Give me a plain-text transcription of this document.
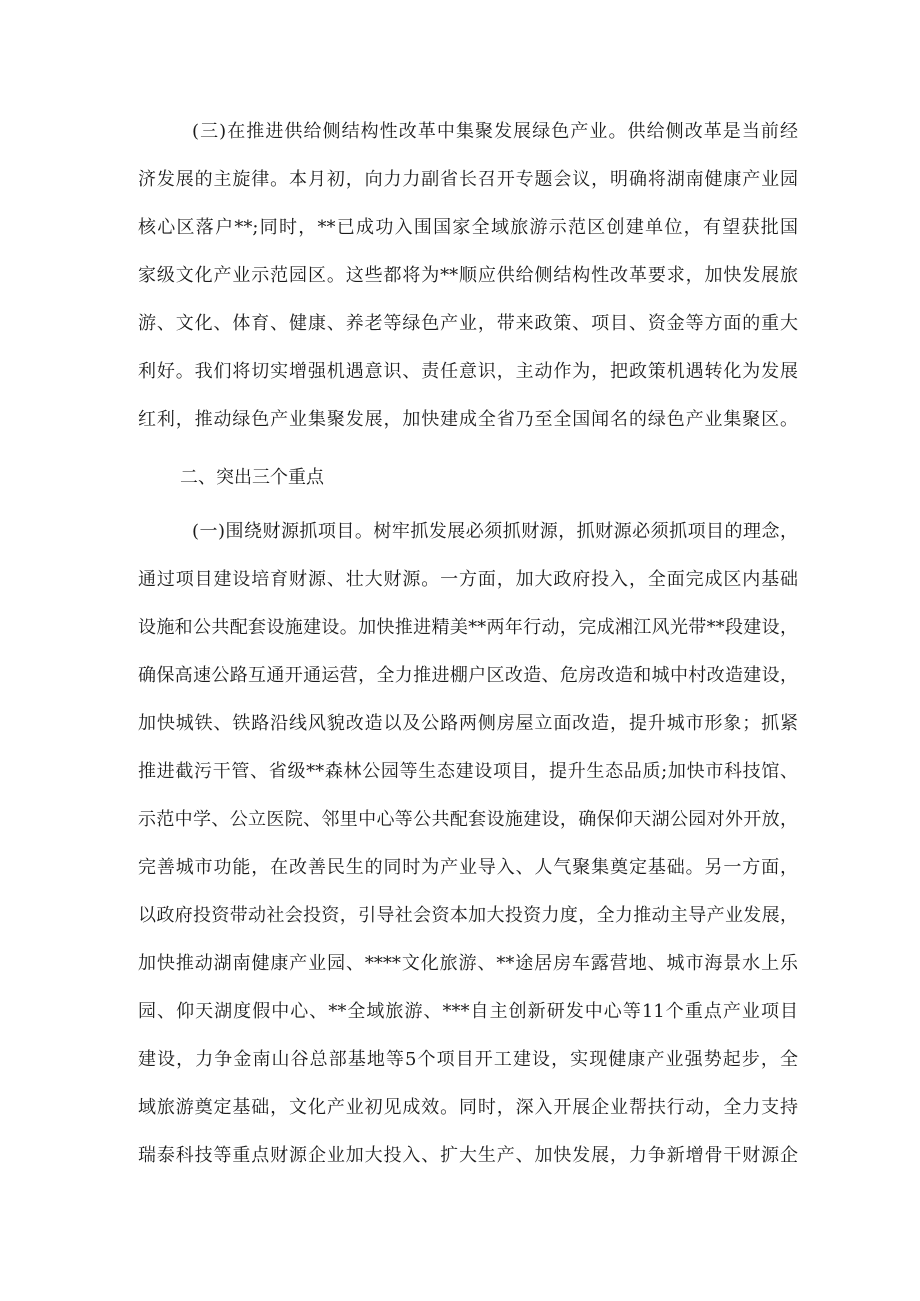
(三)在推进供给侧结构性改革中集聚发展绿色产业。供给侧改革是当前经
济发展的主旋律。本月初，向力力副省长召开专题会议，明确将湖南健康产业园
核心区落户**;同时，**已成功入围国家全域旅游示范区创建单位，有望获批国
家级文化产业示范园区。这些都将为**顺应供给侧结构性改革要求，加快发展旅
游、文化、体育、健康、养老等绿色产业，带来政策、项目、资金等方面的重大
利好。我们将切实增强机遇意识、责任意识，主动作为，把政策机遇转化为发展
红利，推动绿色产业集聚发展，加快建成全省乃至全国闻名的绿色产业集聚区。
二、突出三个重点
(一)围绕财源抓项目。树牢抓发展必须抓财源，抓财源必须抓项目的理念，
通过项目建设培育财源、壮大财源。一方面，加大政府投入，全面完成区内基础
设施和公共配套设施建设。加快推进精美**两年行动，完成湘江风光带**段建设，
确保高速公路互通开通运营，全力推进棚户区改造、危房改造和城中村改造建设，
加快城铁、铁路沿线风貌改造以及公路两侧房屋立面改造，提升城市形象；抓紧
推进截污干管、省级**森林公园等生态建设项目，提升生态品质;加快市科技馆、
示范中学、公立医院、邻里中心等公共配套设施建设，确保仰天湖公园对外开放，
完善城市功能，在改善民生的同时为产业导入、人气聚集奠定基础。另一方面，
以政府投资带动社会投资，引导社会资本加大投资力度，全力推动主导产业发展，
加快推动湖南健康产业园、****文化旅游、**途居房车露营地、城市海景水上乐
园、仰天湖度假中心、**全域旅游、***自主创新研发中心等11个重点产业项目
建设，力争金南山谷总部基地等5个项目开工建设，实现健康产业强势起步，全
域旅游奠定基础，文化产业初见成效。同时，深入开展企业帮扶行动，全力支持
瑞泰科技等重点财源企业加大投入、扩大生产、加快发展，力争新增骨干财源企
